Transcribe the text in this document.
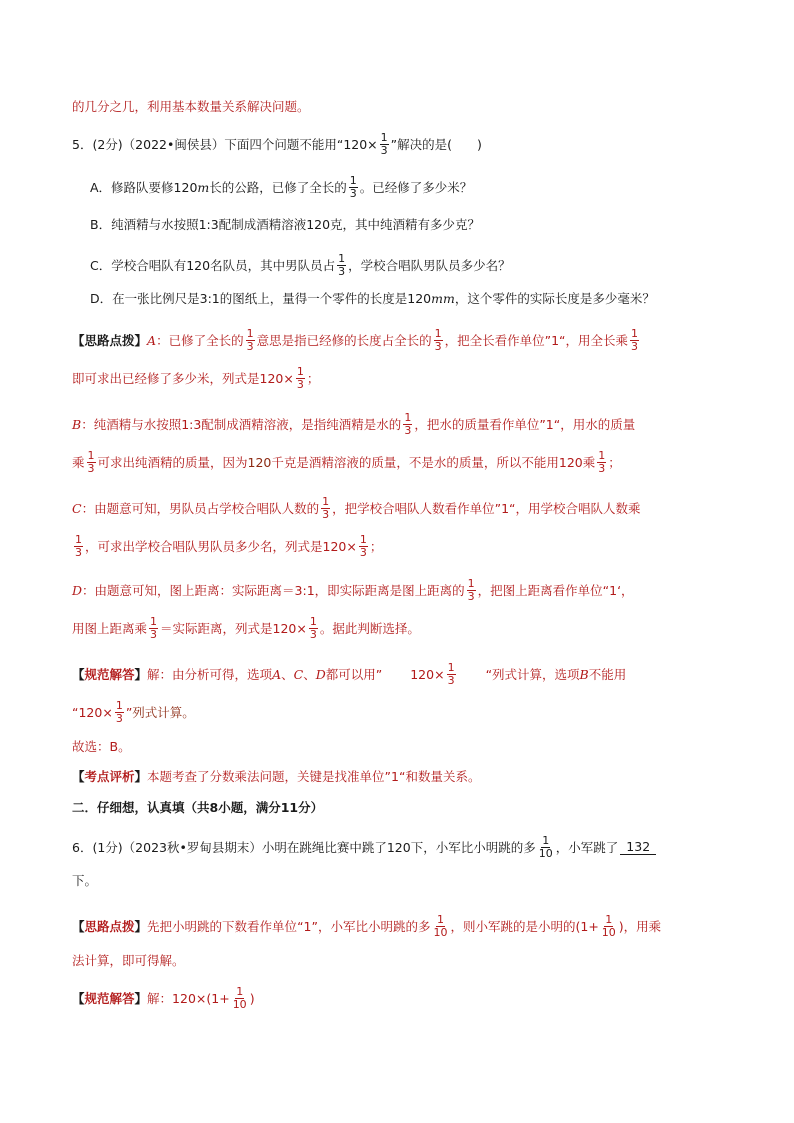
的几分之几，利用基本数量关系解决问题。
5．(2分)（2022•闽侯县）下面四个问题不能用“$120\times \frac{1}{3}$ ”解决的是(　　)
A．修路队要修120 m 长的公路，已修了全长的 $\frac{1}{3}$ 。已经修了多少米？
B．纯酒精与水按照1:3配制成酒精溶液120克，其中纯酒精有多少克？
C．学校合唱队有120名队员，其中男队员占 $\frac{1}{3}$ ，学校合唱队男队员多少名？
D．在一张比例尺是3:1的图纸上，量得一个零件的长度是120 mm ，这个零件的实际长度是多少毫米？
【思路点拨】 A ：已修了全长的 $\frac{1}{3}$ 意思是指已经修的长度占全长的 $\frac{1}{3}$ ，把全长看作单位”1“，用全长乘 $\frac{1}{3}$
即可求出已经修了多少米，列式是$120\times \frac{1}{3}$ ；
B ：纯酒精与水按照1:3配制成酒精溶液，是指纯酒精是水的 $\frac{1}{3}$ ，把水的质量看作单位”1“，用水的质量
乘 $\frac{1}{3}$ 可求出纯酒精的质量，因为 120 千克是酒精溶液的质量，不是水的质量，所以不能用120乘 $\frac{1}{3}$ ；
C ：由题意可知，男队员占学校合唱队人数的 $\frac{1}{3}$ ，把学校合唱队人数看作单位”1“， 用学校合唱队人数乘
$\frac{1}{3}$ ，可求出学校合唱队男队员多少名，列式是$120\times \frac{1}{3}$ ；
D ：由题意可知，图上距离：实际距离＝3:1，即实际距离是图上距离的 $\frac{1}{3}$ ，把图上距离看作单位“1‘，
用图上距离乘 $\frac{1}{3}$ ＝实际距离，列式是$120\times \frac{1}{3}$ 。据此判断选择。
【规范解答】 解：由分析可得，选项 A 、 C 、 D 都可以用” $120\times \frac{1}{3}$ “列式计算，选项 B 不能用
“$120\times \frac{1}{3}$ ” 列式计算。
故选：B。
【考点评析】 本题考查了分数乘法问题，关键是找准单位”1“和数量关系。
二．仔细想，认真填（共8小题，满分11分）
6．(1分)（2023秋•罗甸县期末）小明在跳绳比赛中跳了120下，小军比小明跳的多 $\frac{1}{10}$ ，小军跳了 132
下。
【思路点拨】 先把小明跳的下数看作单位 “1” ，小军比小明跳的多 $\frac{1}{10}$ ，则小军跳的是小明的($1+ \frac{1}{10}$ )，用乘
法计算，即可得解。
【规范解答】 解：$120\times(1+ \frac{1}{10}$ )
